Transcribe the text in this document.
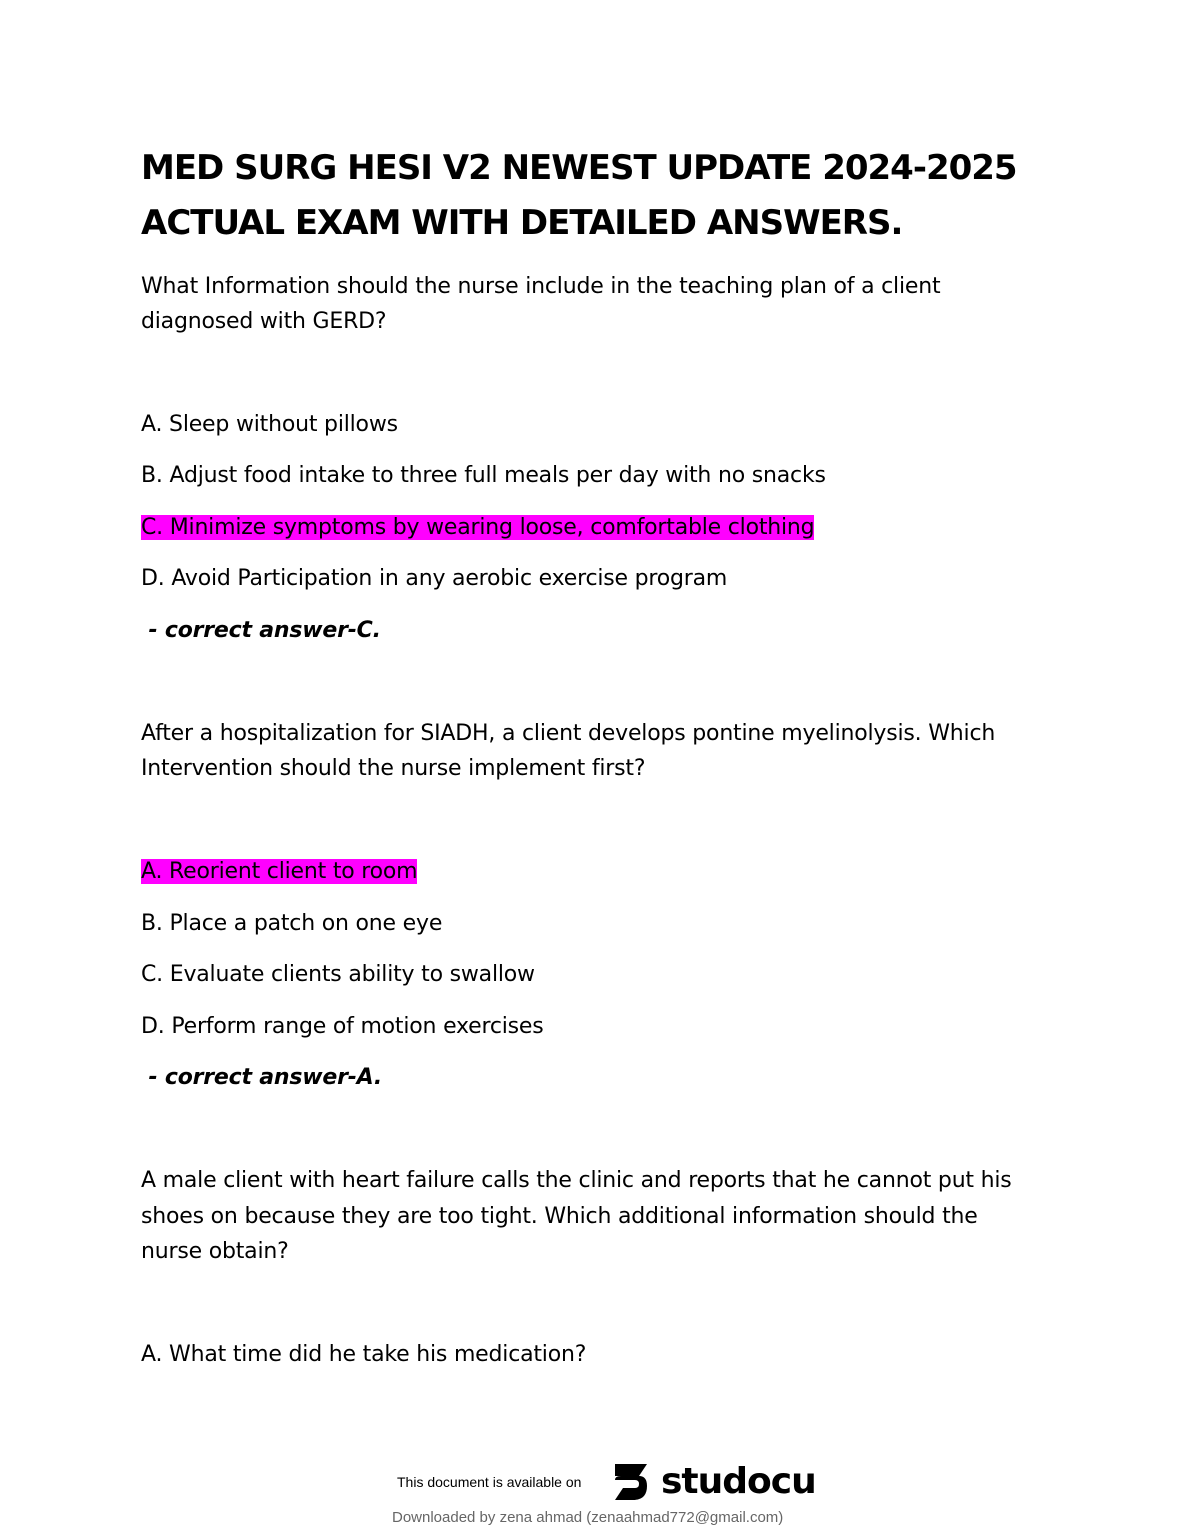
MED SURG HESI V2 NEWEST UPDATE 2024-2025
ACTUAL EXAM WITH DETAILED ANSWERS.
What Information should the nurse include in the teaching plan of a client
diagnosed with GERD?
A. Sleep without pillows
B. Adjust food intake to three full meals per day with no snacks
C. Minimize symptoms by wearing loose, comfortable clothing
D. Avoid Participation in any aerobic exercise program
- correct answer-C.
After a hospitalization for SIADH, a client develops pontine myelinolysis. Which
Intervention should the nurse implement first?
A. Reorient client to room
B. Place a patch on one eye
C. Evaluate clients ability to swallow
D. Perform range of motion exercises
- correct answer-A.
A male client with heart failure calls the clinic and reports that he cannot put his
shoes on because they are too tight. Which additional information should the
nurse obtain?
A. What time did he take his medication?
This document is available on studocu
Downloaded by zena ahmad (zenaahmad772@gmail.com)
